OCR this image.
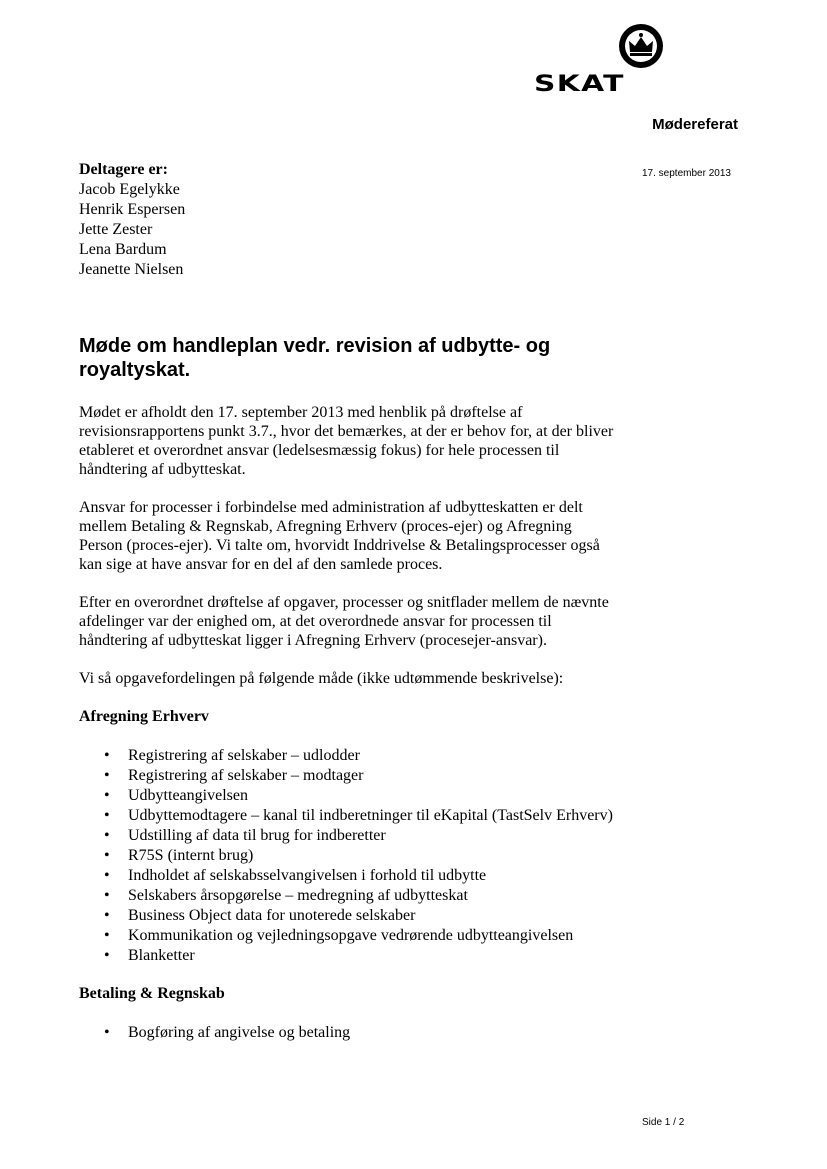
SKAT
Mødereferat
17. september 2013
Deltagere er:
Jacob Egelykke
Henrik Espersen
Jette Zester
Lena Bardum
Jeanette Nielsen
Møde om handleplan vedr. revision af udbytte- og royaltyskat.

Mødet er afholdt den 17. september 2013 med henblik på drøftelse af revisionsrapportens punkt 3.7., hvor det bemærkes, at der er behov for, at der bliver etableret et overordnet ansvar (ledelsesmæssig fokus) for hele processen til håndtering af udbytteskat.

Ansvar for processer i forbindelse med administration af udbytteskatten er delt mellem Betaling & Regnskab, Afregning Erhverv (proces-ejer) og Afregning Person (proces-ejer). Vi talte om, hvorvidt Inddrivelse & Betalingsprocesser også kan sige at have ansvar for en del af den samlede proces.

Efter en overordnet drøftelse af opgaver, processer og snitflader mellem de nævnte afdelinger var der enighed om, at det overordnede ansvar for processen til håndtering af udbytteskat ligger i Afregning Erhverv (procesejer-ansvar).

Vi så opgavefordelingen på følgende måde (ikke udtømmende beskrivelse):

Afregning Erhverv
• Registrering af selskaber – udlodder
• Registrering af selskaber – modtager
• Udbytteangivelsen
• Udbyttemodtagere – kanal til indberetninger til eKapital (TastSelv Erhverv)
• Udstilling af data til brug for indberetter
• R75S (internt brug)
• Indholdet af selskabsselvangivelsen i forhold til udbytte
• Selskabers årsopgørelse – medregning af udbytteskat
• Business Object data for unoterede selskaber
• Kommunikation og vejledningsopgave vedrørende udbytteangivelsen
• Blanketter
Betaling & Regnskab
• Bogføring af angivelse og betaling
Side 1 / 2
